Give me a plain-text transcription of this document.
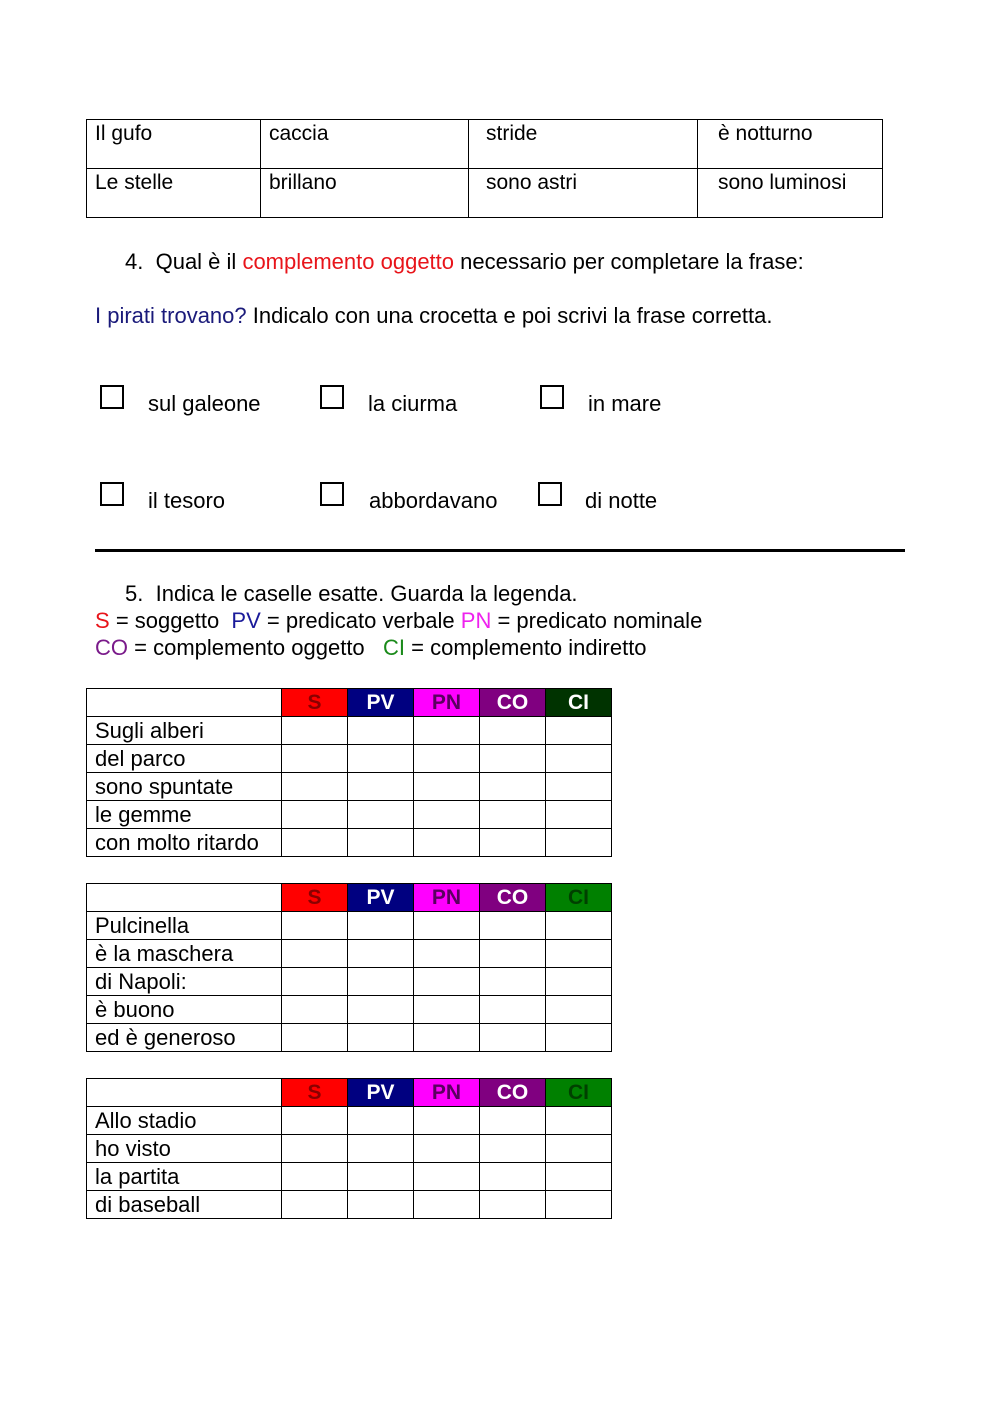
Il gufo	caccia	stride	è notturno
Le stelle	brillano	sono astri	sono luminosi
4. Qual è il complemento oggetto necessario per completare la frase:
I pirati trovano? Indicalo con una crocetta e poi scrivi la frase corretta.
sul galeone	la ciurma	in mare
il tesoro	abbordavano	di notte
5. Indica le caselle esatte. Guarda la legenda.
S = soggetto PV = predicato verbale PN = predicato nominale
CO = complemento oggetto CI = complemento indiretto
	S	PV	PN	CO	CI
Sugli alberi					
del parco					
sono spuntate					
le gemme					
con molto ritardo					
	S	PV	PN	CO	CI
Pulcinella					
è la maschera					
di Napoli:					
è buono					
ed è generoso					
	S	PV	PN	CO	CI
Allo stadio					
ho visto					
la partita					
di baseball					
